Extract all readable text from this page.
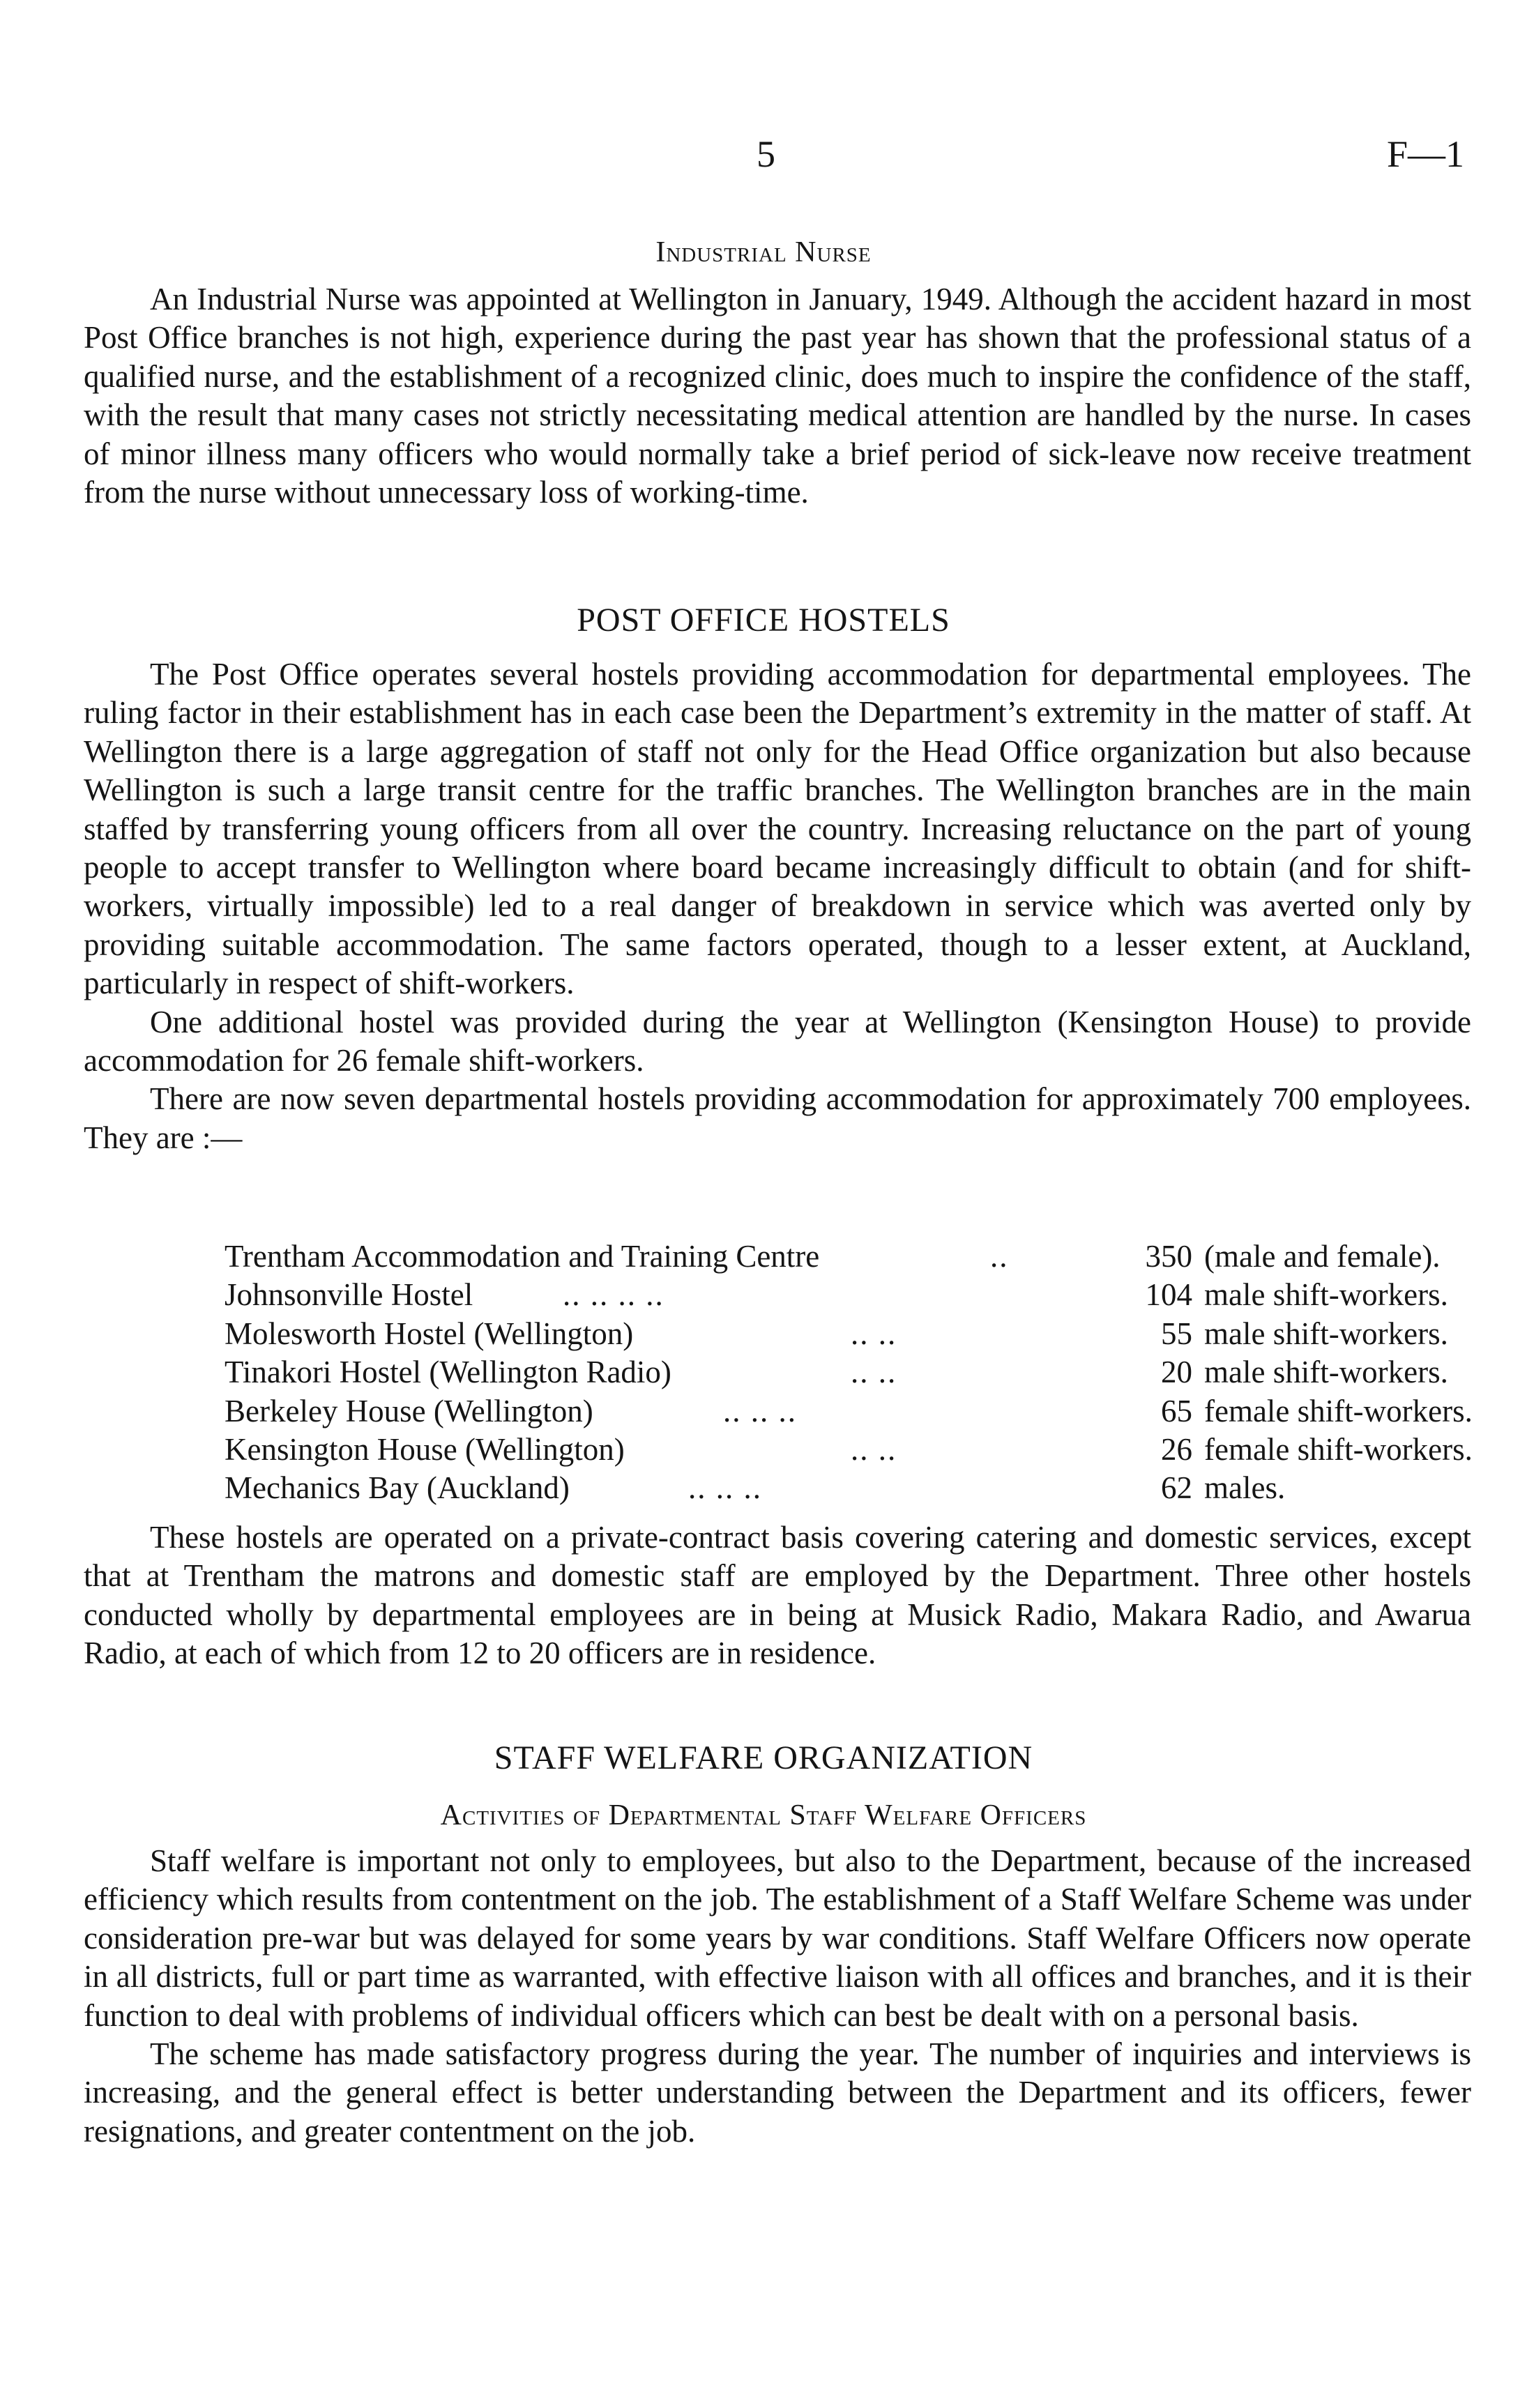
5	F—1
Industrial Nurse

An Industrial Nurse was appointed at Wellington in January, 1949. Although the accident hazard in most Post Office branches is not high, experience during the past year has shown that the professional status of a qualified nurse, and the establishment of a recognized clinic, does much to inspire the confidence of the staff, with the result that many cases not strictly necessitating medical attention are handled by the nurse. In cases of minor illness many officers who would normally take a brief period of sick-leave now receive treatment from the nurse without unnecessary loss of working-time.

POST OFFICE HOSTELS

The Post Office operates several hostels providing accommodation for departmental employees. The ruling factor in their establishment has in each case been the Department’s extremity in the matter of staff. At Wellington there is a large aggregation of staff not only for the Head Office organization but also because Wellington is such a large transit centre for the traffic branches. The Wellington branches are in the main staffed by transferring young officers from all over the country. Increasing reluctance on the part of young people to accept transfer to Wellington where board became increasingly difficult to obtain (and for shift-workers, virtually impossible) led to a real danger of breakdown in service which was averted only by providing suitable accommodation. The same factors operated, though to a lesser extent, at Auckland, particularly in respect of shift-workers.

One additional hostel was provided during the year at Wellington (Kensington House) to provide accommodation for 26 female shift-workers.

There are now seven departmental hostels providing accommodation for approximately 700 employees. They are :—

Trentham Accommodation and Training Centre	..	350 (male and female).
Johnsonville Hostel	.. .. .. ..	104 male shift-workers.
Molesworth Hostel (Wellington)	.. ..	55 male shift-workers.
Tinakori Hostel (Wellington Radio)	.. ..	20 male shift-workers.
Berkeley House (Wellington)	.. .. ..	65 female shift-workers.
Kensington House (Wellington)	.. ..	26 female shift-workers.
Mechanics Bay (Auckland)	.. .. ..	62 males.

These hostels are operated on a private-contract basis covering catering and domestic services, except that at Trentham the matrons and domestic staff are employed by the Department. Three other hostels conducted wholly by departmental employees are in being at Musick Radio, Makara Radio, and Awarua Radio, at each of which from 12 to 20 officers are in residence.

STAFF WELFARE ORGANIZATION
Activities of Departmental Staff Welfare Officers

Staff welfare is important not only to employees, but also to the Department, because of the increased efficiency which results from contentment on the job. The establishment of a Staff Welfare Scheme was under consideration pre-war but was delayed for some years by war conditions. Staff Welfare Officers now operate in all districts, full or part time as warranted, with effective liaison with all offices and branches, and it is their function to deal with problems of individual officers which can best be dealt with on a personal basis.

The scheme has made satisfactory progress during the year. The number of inquiries and interviews is increasing, and the general effect is better understanding between the Department and its officers, fewer resignations, and greater contentment on the job.
